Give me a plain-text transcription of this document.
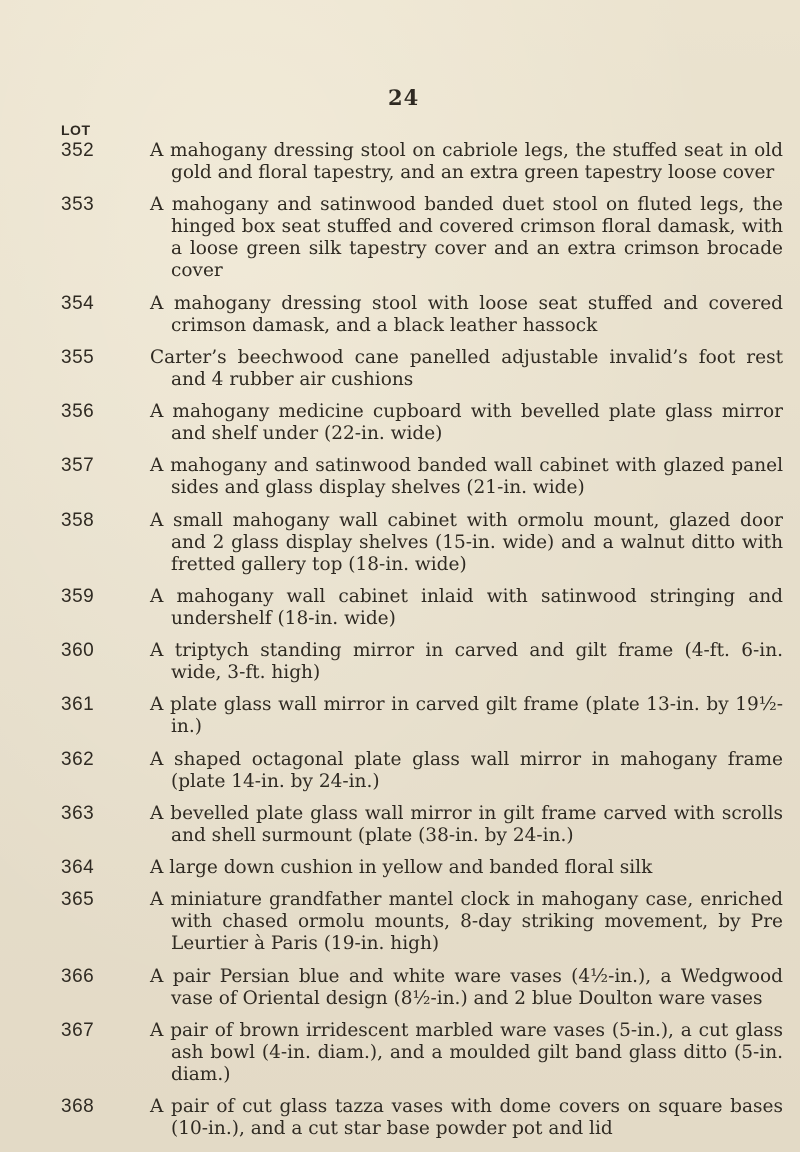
24
LOT
352	A mahogany dressing stool on cabriole legs, the stuffed seat in old gold and floral tapestry, and an extra green tapestry loose cover

353	A mahogany and satinwood banded duet stool on fluted legs, the hinged box seat stuffed and covered crimson floral damask, with a loose green silk tapestry cover and an extra crimson brocade cover

354	A mahogany dressing stool with loose seat stuffed and covered crimson damask, and a black leather hassock

355	Carter’s beechwood cane panelled adjustable invalid’s foot rest and 4 rubber air cushions

356	A mahogany medicine cupboard with bevelled plate glass mirror and shelf under (22-in. wide)

357	A mahogany and satinwood banded wall cabinet with glazed panel sides and glass display shelves (21-in. wide)

358	A small mahogany wall cabinet with ormolu mount, glazed door and 2 glass display shelves (15-in. wide) and a walnut ditto with fretted gallery top (18-in. wide)

359	A mahogany wall cabinet inlaid with satinwood stringing and undershelf (18-in. wide)

360	A triptych standing mirror in carved and gilt frame (4-ft. 6-in. wide, 3-ft. high)

361	A plate glass wall mirror in carved gilt frame (plate 13-in. by 19½-in.)

362	A shaped octagonal plate glass wall mirror in mahogany frame (plate 14-in. by 24-in.)

363	A bevelled plate glass wall mirror in gilt frame carved with scrolls and shell surmount (plate (38-in. by 24-in.)

364	A large down cushion in yellow and banded floral silk

365	A miniature grandfather mantel clock in mahogany case, enriched with chased ormolu mounts, 8-day striking movement, by Pre Leurtier à Paris (19-in. high)

366	A pair Persian blue and white ware vases (4½-in.), a Wedgwood vase of Oriental design (8½-in.) and 2 blue Doulton ware vases

367	A pair of brown irridescent marbled ware vases (5-in.), a cut glass ash bowl (4-in. diam.), and a moulded gilt band glass ditto (5-in. diam.)

368	A pair of cut glass tazza vases with dome covers on square bases (10-in.), and a cut star base powder pot and lid
